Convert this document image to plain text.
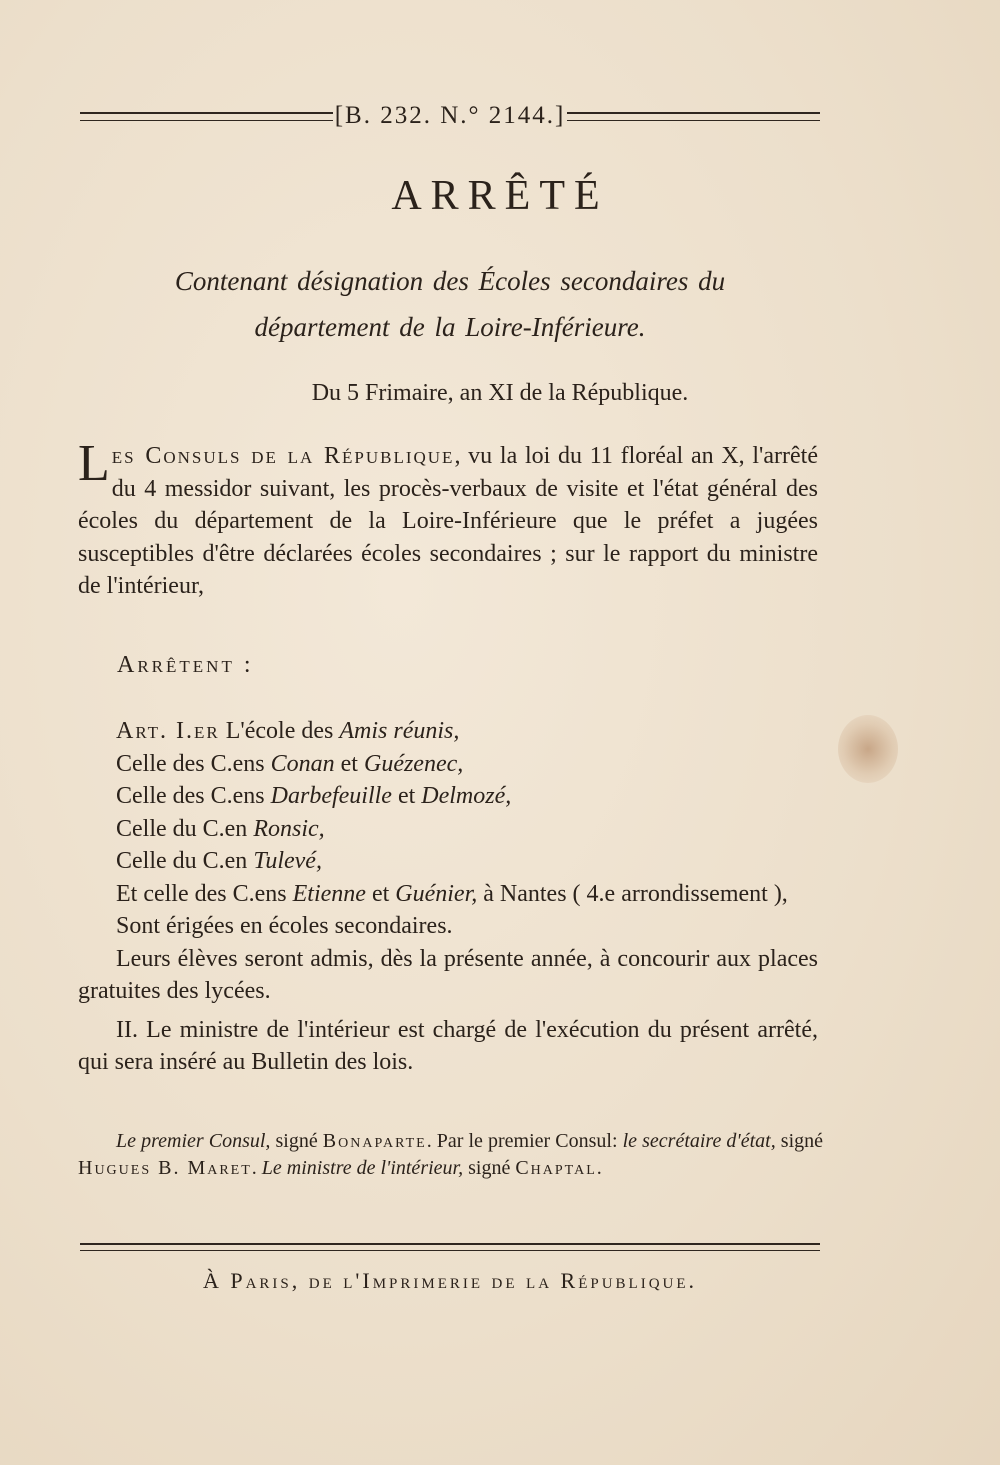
[B. 232. N.° 2144.]
ARRÊTÉ
Contenant désignation des Écoles secondaires du
département de la Loire-Inférieure.
Du 5 Frimaire, an XI de la République.
Les Consuls de la République, vu la loi du 11 floréal an X, l'arrêté du 4 messidor suivant, les procès-verbaux de visite et l'état général des écoles du département de la Loire-Inférieure que le préfet a jugées susceptibles d'être déclarées écoles secondaires ; sur le rapport du ministre de l'intérieur,
Arrêtent :
Art. I.er L'école des Amis réunis,
Celle des C.ens Conan et Guézenec,
Celle des C.ens Darbefeuille et Delmozé,
Celle du C.en Ronsic,
Celle du C.en Tulevé,
Et celle des C.ens Etienne et Guénier, à Nantes ( 4.e arrondissement ),
Sont érigées en écoles secondaires.
Leurs élèves seront admis, dès la présente année, à concourir aux places gratuites des lycées.
II. Le ministre de l'intérieur est chargé de l'exécution du présent arrêté, qui sera inséré au Bulletin des lois.
Le premier Consul, signé Bonaparte. Par le premier Consul: le secrétaire d'état, signé Hugues B. Maret. Le ministre de l'intérieur, signé Chaptal.
À Paris, de l'Imprimerie de la République.
